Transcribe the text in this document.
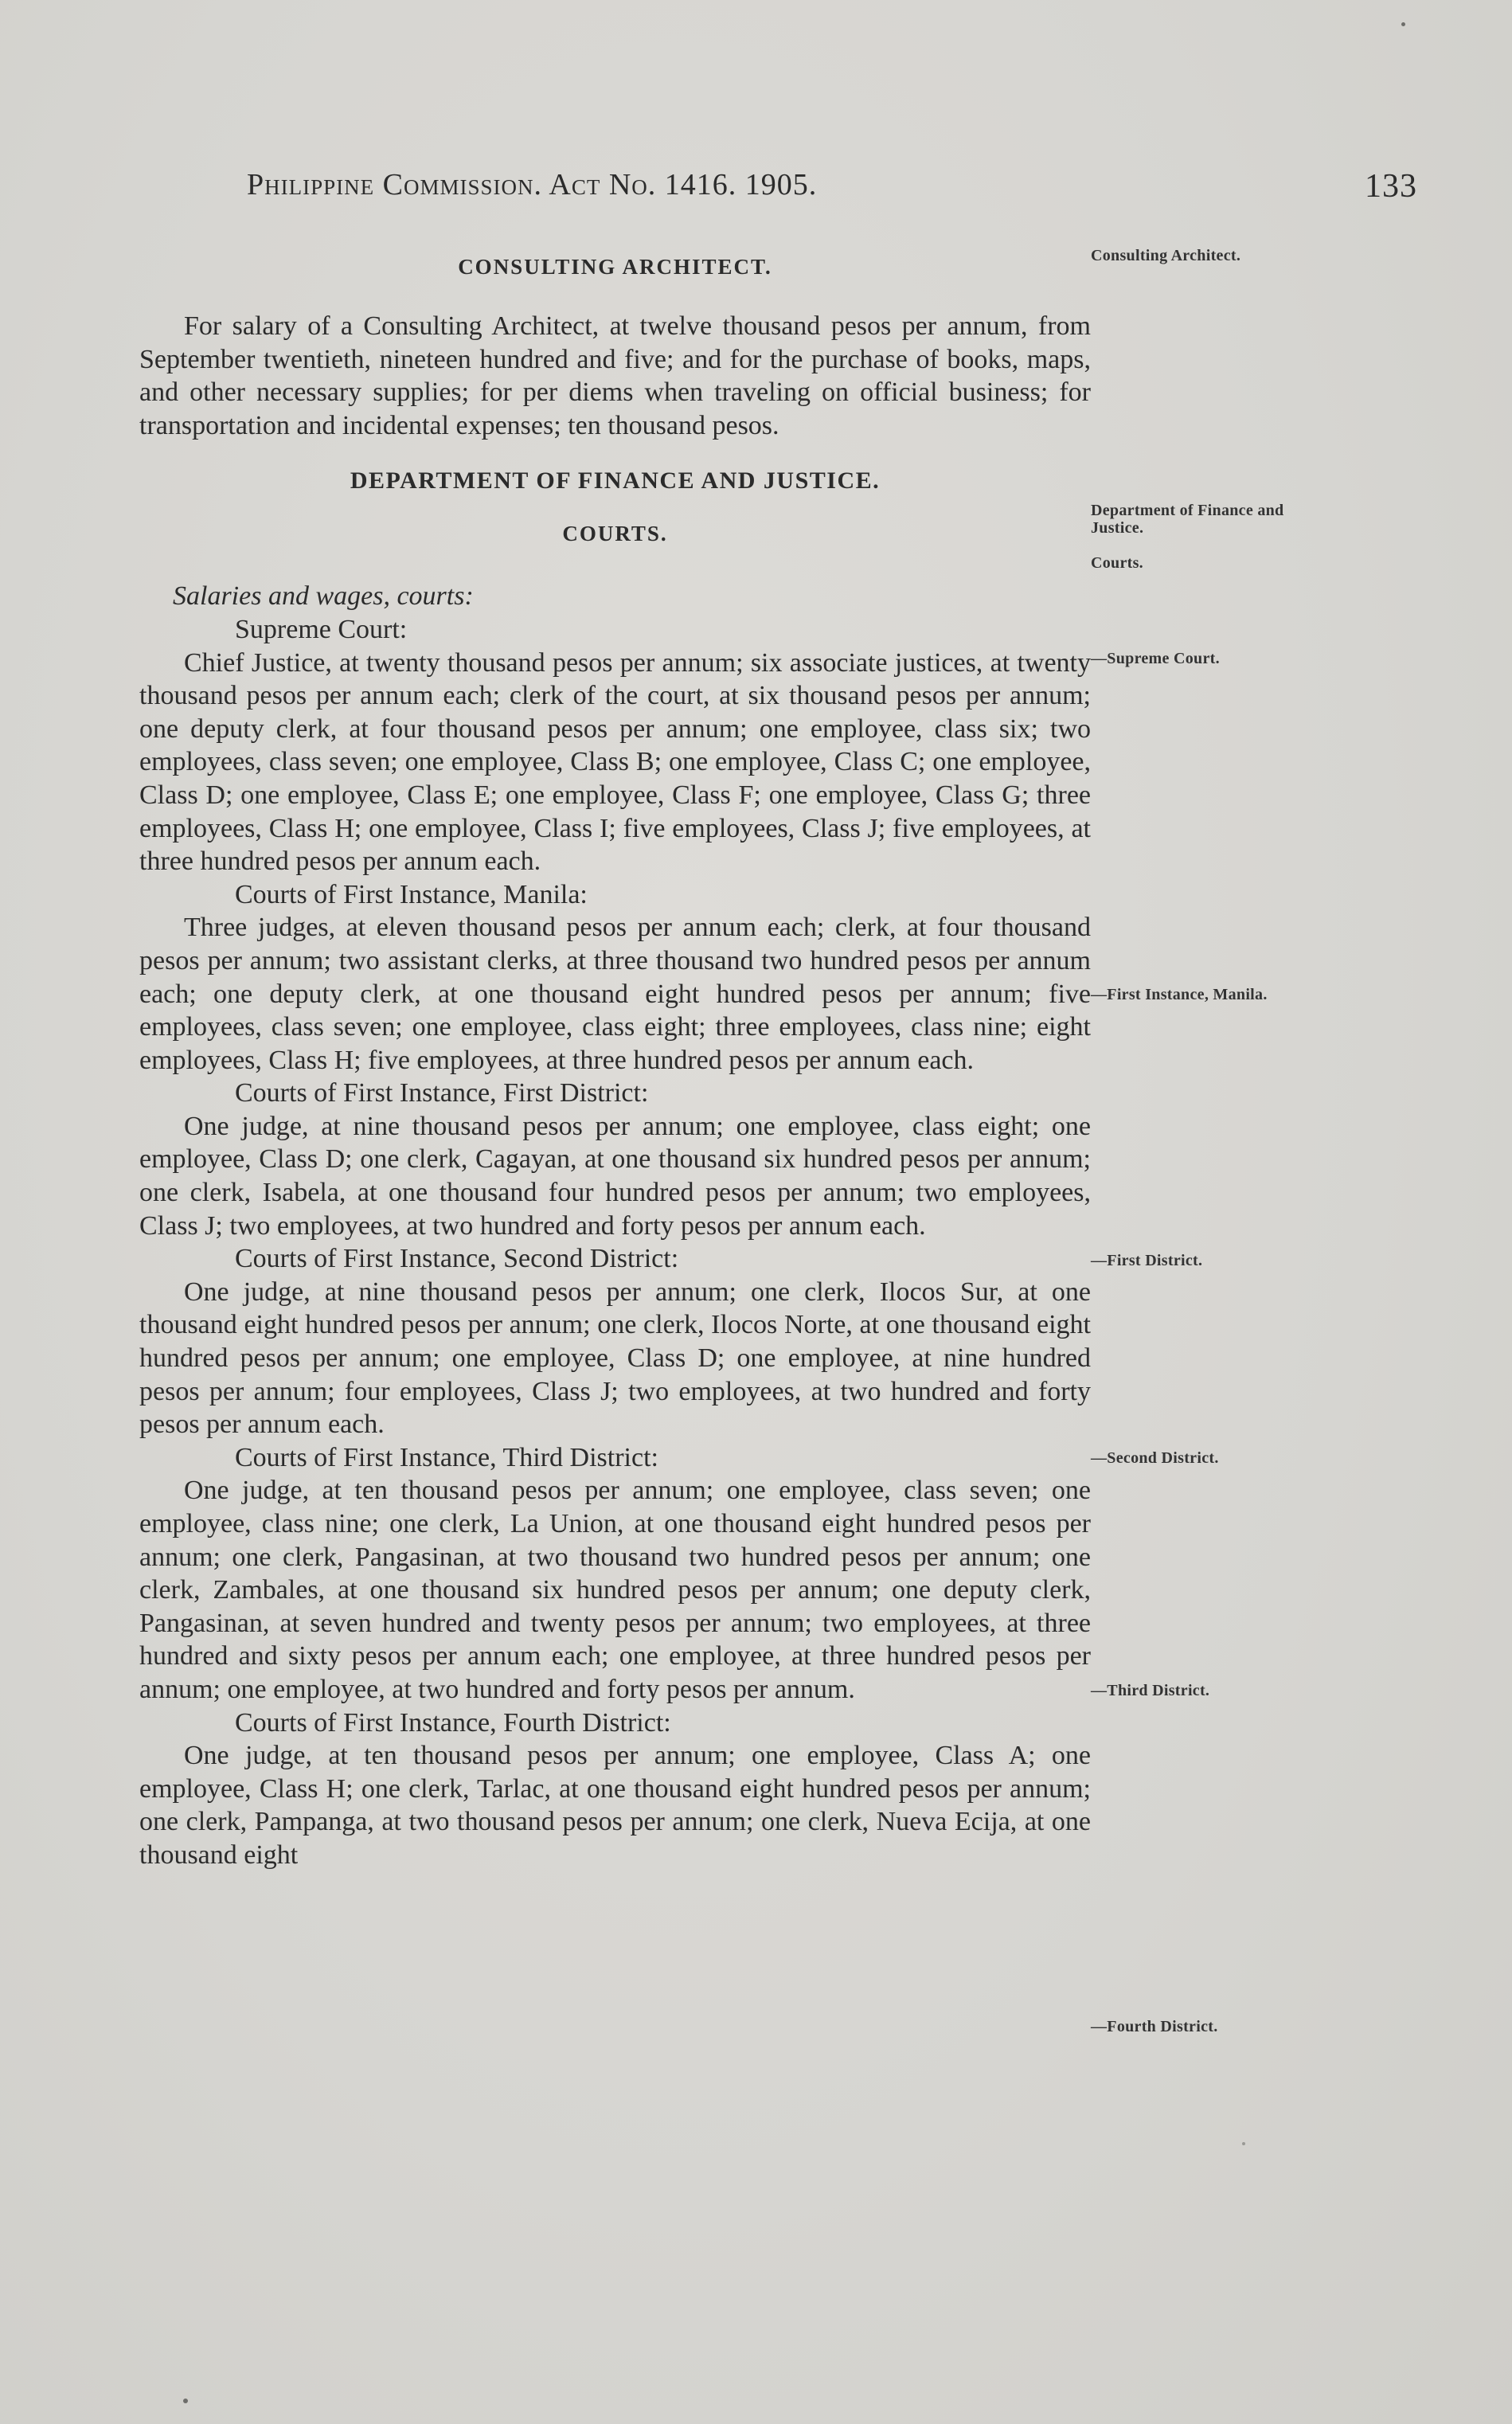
Philippine Commission. Act No. 1416. 1905.	133
CONSULTING ARCHITECT.

For salary of a Consulting Architect, at twelve thousand pesos per annum, from September twentieth, nineteen hundred and five; and for the purchase of books, maps, and other necessary supplies; for per diems when traveling on official business; for transportation and incidental expenses; ten thousand pesos.

DEPARTMENT OF FINANCE AND JUSTICE.
COURTS.
Salaries and wages, courts:
Supreme Court:

Chief Justice, at twenty thousand pesos per annum; six associate justices, at twenty thousand pesos per annum each; clerk of the court, at six thousand pesos per annum; one deputy clerk, at four thousand pesos per annum; one employee, class six; two employees, class seven; one employee, Class B; one employee, Class C; one employee, Class D; one employee, Class E; one employee, Class F; one employee, Class G; three employees, Class H; one employee, Class I; five employees, Class J; five employees, at three hundred pesos per annum each.

Courts of First Instance, Manila:

Three judges, at eleven thousand pesos per annum each; clerk, at four thousand pesos per annum; two assistant clerks, at three thousand two hundred pesos per annum each; one deputy clerk, at one thousand eight hundred pesos per annum; five employees, class seven; one employee, class eight; three employees, class nine; eight employees, Class H; five employees, at three hundred pesos per annum each.

Courts of First Instance, First District:

One judge, at nine thousand pesos per annum; one employee, class eight; one employee, Class D; one clerk, Cagayan, at one thousand six hundred pesos per annum; one clerk, Isabela, at one thousand four hundred pesos per annum; two employees, Class J; two employees, at two hundred and forty pesos per annum each.

Courts of First Instance, Second District:

One judge, at nine thousand pesos per annum; one clerk, Ilocos Sur, at one thousand eight hundred pesos per annum; one clerk, Ilocos Norte, at one thousand eight hundred pesos per annum; one employee, Class D; one employee, at nine hundred pesos per annum; four employees, Class J; two employees, at two hundred and forty pesos per annum each.

Courts of First Instance, Third District:

One judge, at ten thousand pesos per annum; one employee, class seven; one employee, class nine; one clerk, La Union, at one thousand eight hundred pesos per annum; one clerk, Pangasinan, at two thousand two hundred pesos per annum; one clerk, Zambales, at one thousand six hundred pesos per annum; one deputy clerk, Pangasinan, at seven hundred and twenty pesos per annum; two employees, at three hundred and sixty pesos per annum each; one employee, at three hundred pesos per annum; one employee, at two hundred and forty pesos per annum.

Courts of First Instance, Fourth District:

One judge, at ten thousand pesos per annum; one employee, Class A; one employee, Class H; one clerk, Tarlac, at one thousand eight hundred pesos per annum; one clerk, Pampanga, at two thousand pesos per annum; one clerk, Nueva Ecija, at one thousand eight

Consulting Architect.
Department of Finance and Justice.
Courts.
—Supreme Court.
—First Instance, Manila.
—First District.
—Second District.
—Third District.
—Fourth District.
